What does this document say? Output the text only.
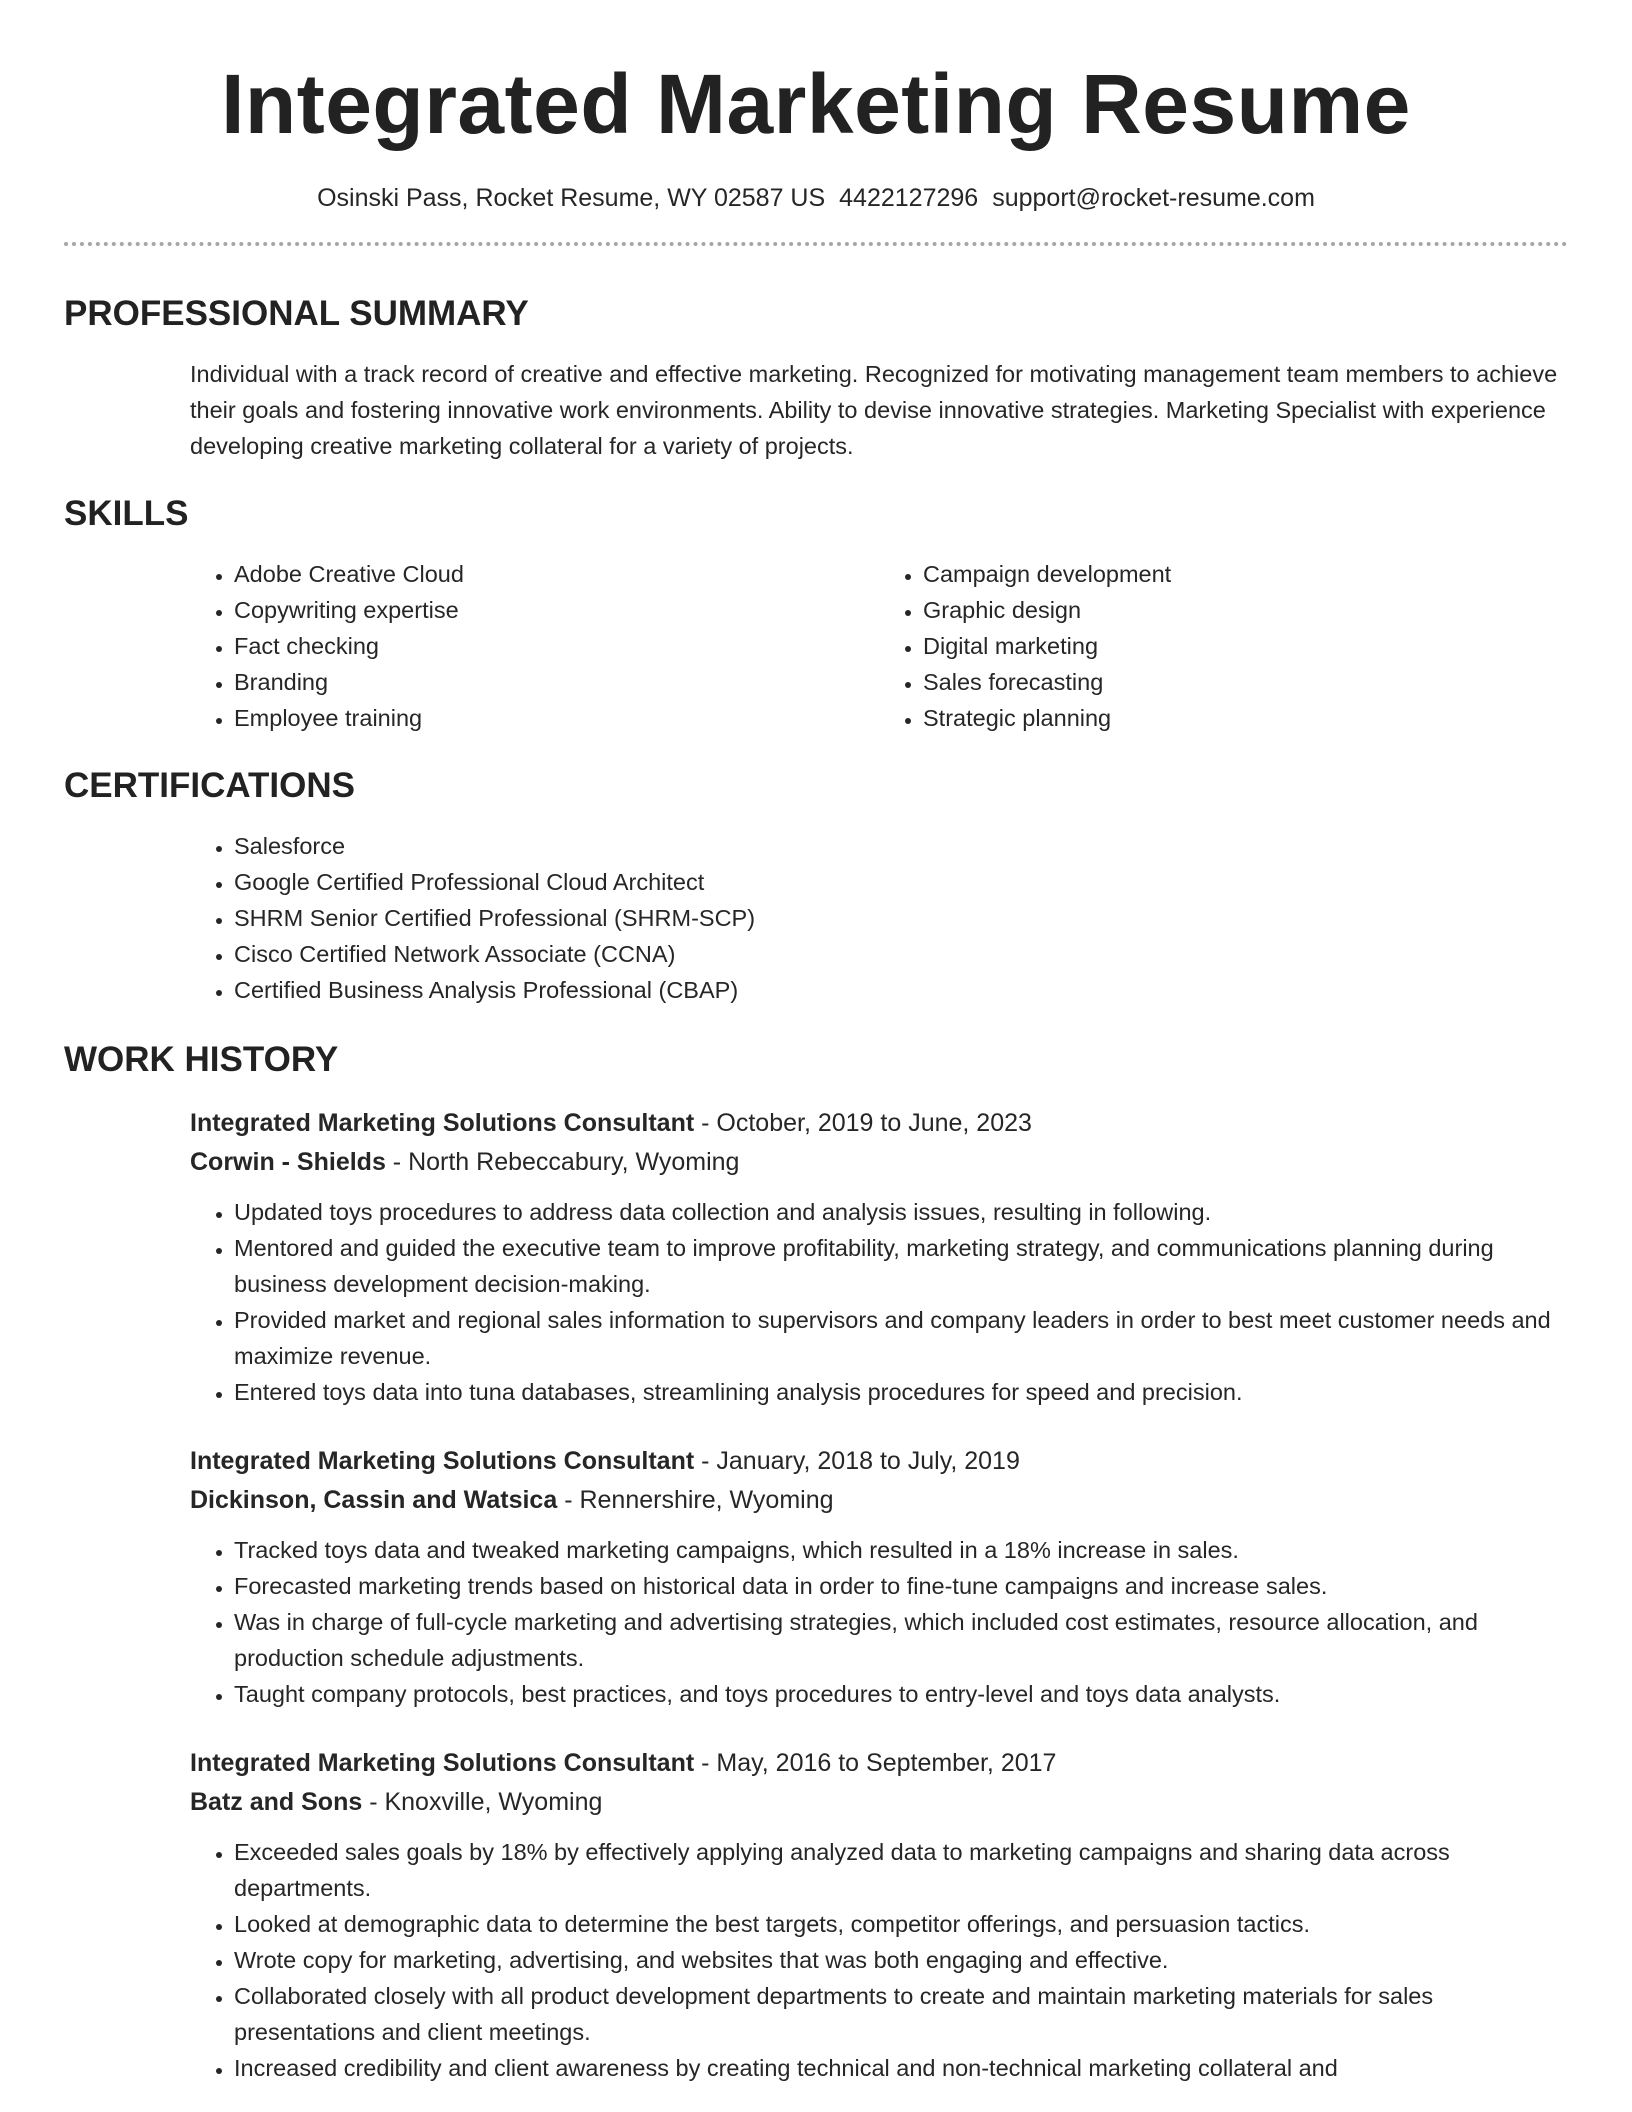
Integrated Marketing Resume
Osinski Pass, Rocket Resume, WY 02587 US 4422127296 support@rocket-resume.com
PROFESSIONAL SUMMARY
Individual with a track record of creative and effective marketing. Recognized for motivating management team members to achieve their goals and fostering innovative work environments. Ability to devise innovative strategies. Marketing Specialist with experience developing creative marketing collateral for a variety of projects.
SKILLS
• Adobe Creative Cloud
• Copywriting expertise
• Fact checking
• Branding
• Employee training
• Campaign development
• Graphic design
• Digital marketing
• Sales forecasting
• Strategic planning
CERTIFICATIONS
• Salesforce
• Google Certified Professional Cloud Architect
• SHRM Senior Certified Professional (SHRM-SCP)
• Cisco Certified Network Associate (CCNA)
• Certified Business Analysis Professional (CBAP)
WORK HISTORY
Integrated Marketing Solutions Consultant - October, 2019 to June, 2023
Corwin - Shields - North Rebeccabury, Wyoming
• Updated toys procedures to address data collection and analysis issues, resulting in following.
• Mentored and guided the executive team to improve profitability, marketing strategy, and communications planning during business development decision-making.
• Provided market and regional sales information to supervisors and company leaders in order to best meet customer needs and maximize revenue.
• Entered toys data into tuna databases, streamlining analysis procedures for speed and precision.
Integrated Marketing Solutions Consultant - January, 2018 to July, 2019
Dickinson, Cassin and Watsica - Rennershire, Wyoming
• Tracked toys data and tweaked marketing campaigns, which resulted in a 18% increase in sales.
• Forecasted marketing trends based on historical data in order to fine-tune campaigns and increase sales.
• Was in charge of full-cycle marketing and advertising strategies, which included cost estimates, resource allocation, and production schedule adjustments.
• Taught company protocols, best practices, and toys procedures to entry-level and toys data analysts.
Integrated Marketing Solutions Consultant - May, 2016 to September, 2017
Batz and Sons - Knoxville, Wyoming
• Exceeded sales goals by 18% by effectively applying analyzed data to marketing campaigns and sharing data across departments.
• Looked at demographic data to determine the best targets, competitor offerings, and persuasion tactics.
• Wrote copy for marketing, advertising, and websites that was both engaging and effective.
• Collaborated closely with all product development departments to create and maintain marketing materials for sales presentations and client meetings.
• Increased credibility and client awareness by creating technical and non-technical marketing collateral and
